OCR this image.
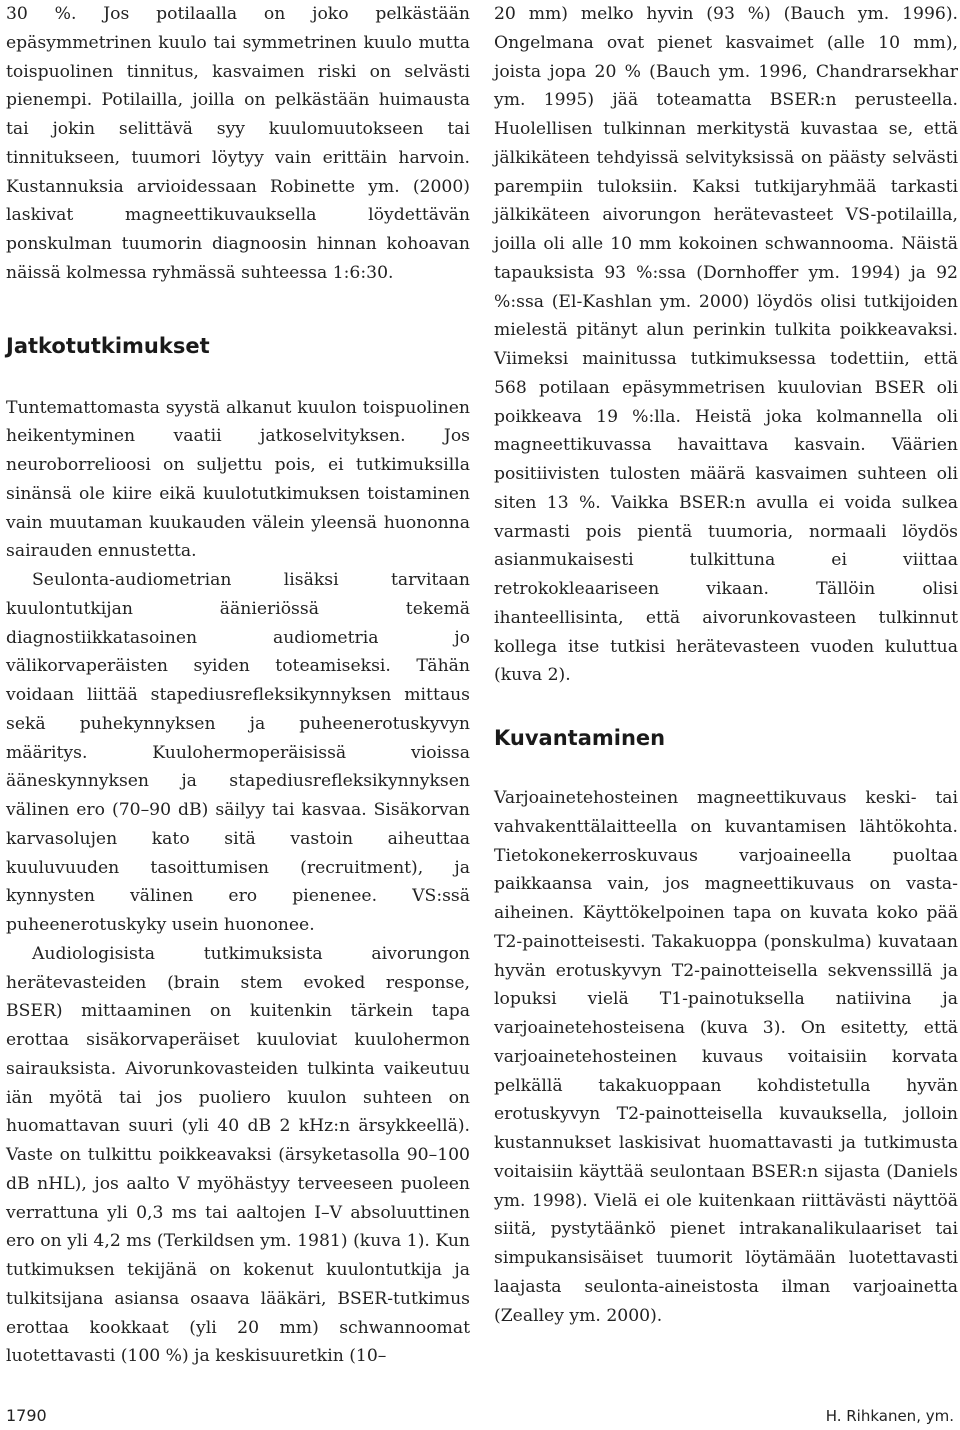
30 %. Jos potilaalla on joko pelkästään epäsymmetrinen kuulo tai symmetrinen kuulo mutta toispuolinen tinnitus, kasvaimen riski on selvästi pienempi. Potilailla, joilla on pelkästään huimausta tai jokin selittävä syy kuulomuutokseen tai tinnitukseen, tuumori löytyy vain erittäin harvoin. Kustannuksia arvioidessaan Robinette ym. (2000) laskivat magneettikuvauksella löydettävän ponskulman tuumorin diagnoosin hinnan kohoavan näissä kolmessa ryhmässä suhteessa 1:6:30.

Jatkotutkimukset

Tuntemattomasta syystä alkanut kuulon toispuolinen heikentyminen vaatii jatkoselvityksen. Jos neuroborrelioosi on suljettu pois, ei tutkimuksilla sinänsä ole kiire eikä kuulotutkimuksen toistaminen vain muutaman kuukauden välein yleensä huononna sairauden ennustetta.

Seulonta-audiometrian lisäksi tarvitaan kuulontutkijan äänieriössä tekemä diagnostiikkatasoinen audiometria jo välikorvaperäisten syiden toteamiseksi. Tähän voidaan liittää stapediusrefleksikynnyksen mittaus sekä puhekynnyksen ja puheenerotuskyvyn määritys. Kuulohermoperäisissä vioissa ääneskynnyksen ja stapediusrefleksikynnyksen välinen ero (70–90 dB) säilyy tai kasvaa. Sisäkorvan karvasolujen kato sitä vastoin aiheuttaa kuuluvuuden tasoittumisen (recruitment), ja kynnysten välinen ero pienenee. VS:ssä puheenerotuskyky usein huononee.

Audiologisista tutkimuksista aivorungon herätevasteiden (brain stem evoked response, BSER) mittaaminen on kuitenkin tärkein tapa erottaa sisäkorvaperäiset kuuloviat kuulohermon sairauksista. Aivorunkovasteiden tulkinta vaikeutuu iän myötä tai jos puoliero kuulon suhteen on huomattavan suuri (yli 40 dB 2 kHz:n ärsykkeellä). Vaste on tulkittu poikkeavaksi (ärsyketasolla 90–100 dB nHL), jos aalto V myöhästyy terveeseen puoleen verrattuna yli 0,3 ms tai aaltojen I–V absoluuttinen ero on yli 4,2 ms (Terkildsen ym. 1981) (kuva 1). Kun tutkimuksen tekijänä on kokenut kuulontutkija ja tulkitsijana asiansa osaava lääkäri, BSER-tutkimus erottaa kookkaat (yli 20 mm) schwannoomat luotettavasti (100 %) ja keskisuuretkin (10–

20 mm) melko hyvin (93 %) (Bauch ym. 1996). Ongelmana ovat pienet kasvaimet (alle 10 mm), joista jopa 20 % (Bauch ym. 1996, Chandrarsekhar ym. 1995) jää toteamatta BSER:n perusteella. Huolellisen tulkinnan merkitystä kuvastaa se, että jälkikäteen tehdyissä selvityksissä on päästy selvästi parempiin tuloksiin. Kaksi tutkijaryhmää tarkasti jälkikäteen aivorungon herätevasteet VS-potilailla, joilla oli alle 10 mm kokoinen schwannooma. Näistä tapauksista 93 %:ssa (Dornhoffer ym. 1994) ja 92 %:ssa (El-Kashlan ym. 2000) löydös olisi tutkijoiden mielestä pitänyt alun perinkin tulkita poikkeavaksi. Viimeksi mainitussa tutkimuksessa todettiin, että 568 potilaan epäsymmetrisen kuulovian BSER oli poikkeava 19 %:lla. Heistä joka kolmannella oli magneettikuvassa havaittava kasvain. Väärien positiivisten tulosten määrä kasvaimen suhteen oli siten 13 %. Vaikka BSER:n avulla ei voida sulkea varmasti pois pientä tuumoria, normaali löydös asianmukaisesti tulkittuna ei viittaa retrokokleaariseen vikaan. Tällöin olisi ihanteellisinta, että aivorunkovasteen tulkinnut kollega itse tutkisi herätevasteen vuoden kuluttua (kuva 2).

Kuvantaminen

Varjoainetehosteinen magneettikuvaus keski- tai vahvakenttälaitteella on kuvantamisen lähtökohta. Tietokonekerroskuvaus varjoaineella puoltaa paikkaansa vain, jos magneettikuvaus on vasta-aiheinen. Käyttökelpoinen tapa on kuvata koko pää T2-painotteisesti. Takakuoppa (ponskulma) kuvataan hyvän erotuskyvyn T2-painotteisella sekvenssillä ja lopuksi vielä T1-painotuksella natiivina ja varjoainetehosteisena (kuva 3). On esitetty, että varjoainetehosteinen kuvaus voitaisiin korvata pelkällä takakuoppaan kohdistetulla hyvän erotuskyvyn T2-painotteisella kuvauksella, jolloin kustannukset laskisivat huomattavasti ja tutkimusta voitaisiin käyttää seulontaan BSER:n sijasta (Daniels ym. 1998). Vielä ei ole kuitenkaan riittävästi näyttöä siitä, pystytäänkö pienet intrakanalikulaariset tai simpukansisäiset tuumorit löytämään luotettavasti laajasta seulonta-aineistosta ilman varjoainetta (Zealley ym. 2000).

1790	H. Rihkanen, ym.
